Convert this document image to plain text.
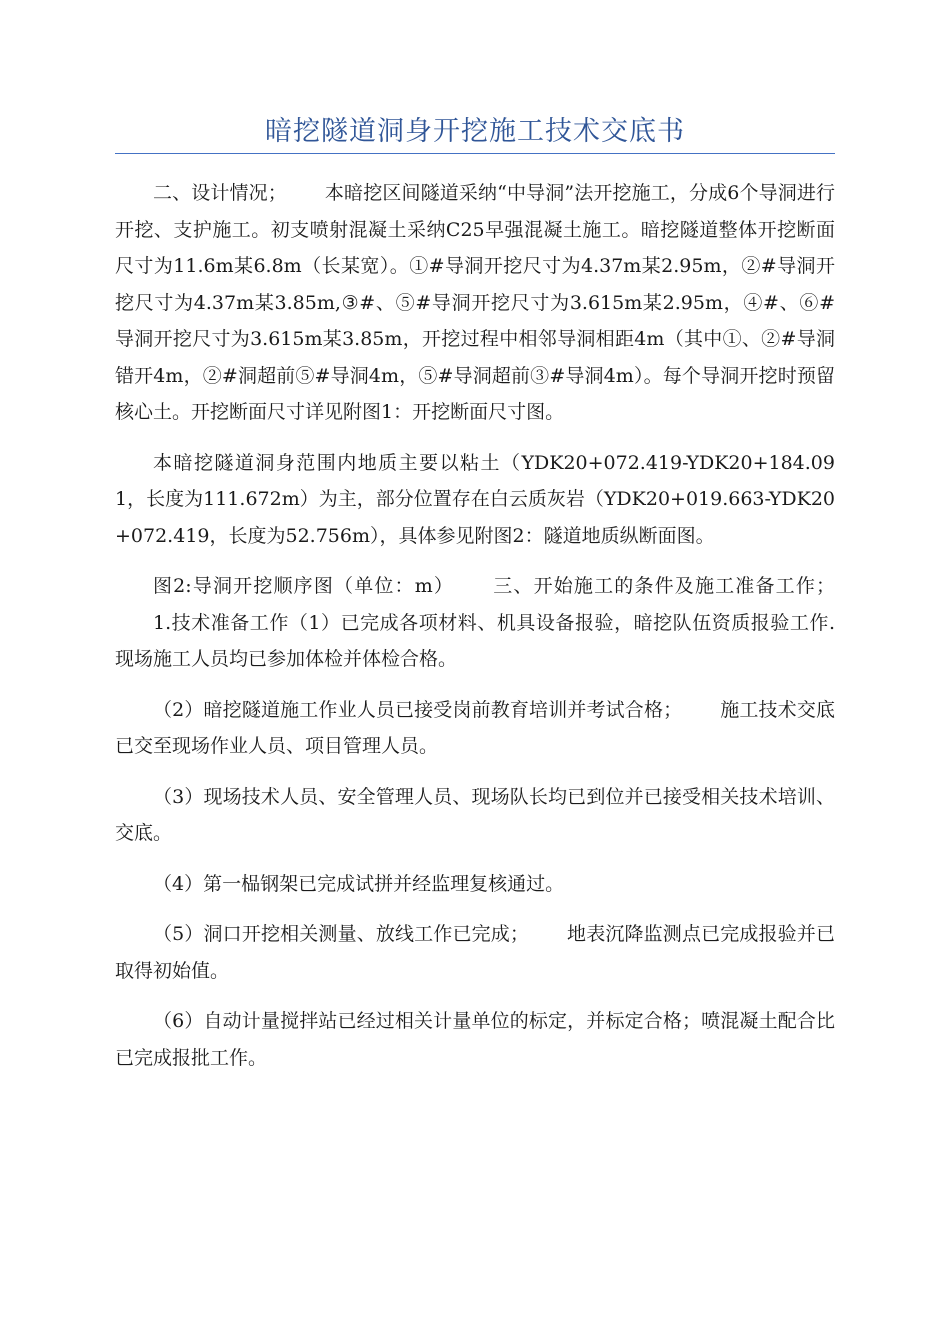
暗挖隧道洞身开挖施工技术交底书

二、设计情况； 本暗挖区间隧道采纳“中导洞”法开挖施工，分成6个导洞进行开挖、支护施工。初支喷射混凝土采纳C25早强混凝土施工。暗挖隧道整体开挖断面尺寸为11.6m某6.8m（长某宽）。①#导洞开挖尺寸为4.37m某2.95m，②#导洞开挖尺寸为4.37m某3.85m,③#、⑤#导洞开挖尺寸为3.615m某2.95m，④#、⑥#导洞开挖尺寸为3.615m某3.85m，开挖过程中相邻导洞相距4m（其中①、②#导洞错开4m，②#洞超前⑤#导洞4m，⑤#导洞超前③#导洞4m）。每个导洞开挖时预留核心土。开挖断面尺寸详见附图1：开挖断面尺寸图。

本暗挖隧道洞身范围内地质主要以粘土（YDK20+072.419-YDK20+184.091，长度为111.672m）为主，部分位置存在白云质灰岩（YDK20+019.663-YDK20+072.419，长度为52.756m），具体参见附图2：隧道地质纵断面图。

图2:导洞开挖顺序图（单位：m） 三、开始施工的条件及施工准备工作；1.技术准备工作（1）已完成各项材料、机具设备报验，暗挖队伍资质报验工作.现场施工人员均已参加体检并体检合格。

（2）暗挖隧道施工作业人员已接受岗前教育培训并考试合格； 施工技术交底已交至现场作业人员、项目管理人员。

（3）现场技术人员、安全管理人员、现场队长均已到位并已接受相关技术培训、交底。

（4）第一榀钢架已完成试拼并经监理复核通过。

（5）洞口开挖相关测量、放线工作已完成； 地表沉降监测点已完成报验并已取得初始值。

（6）自动计量搅拌站已经过相关计量单位的标定，并标定合格；喷混凝土配合比已完成报批工作。
